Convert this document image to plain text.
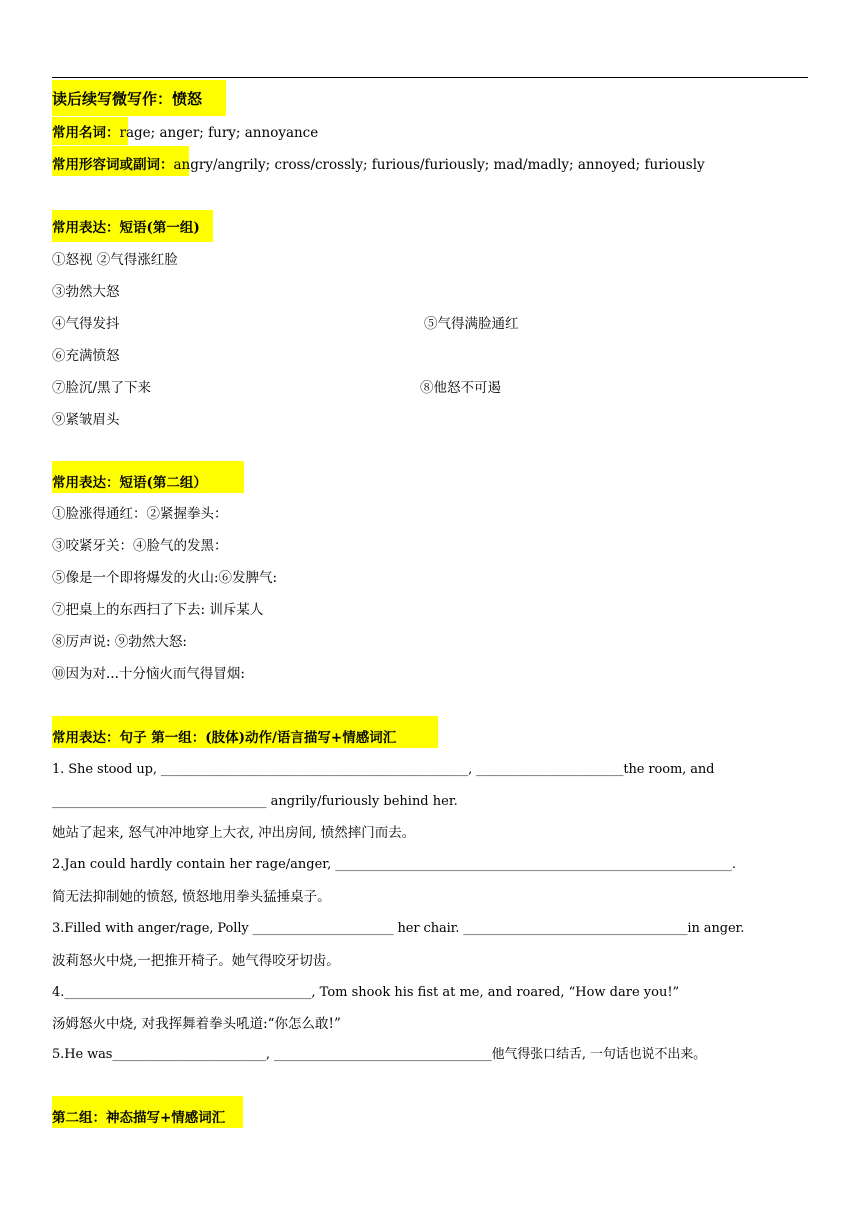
读后续写微写作：愤怒
常用名词：rage; anger; fury; annoyance
常用形容词或副词：angry/angrily; cross/crossly; furious/furiously; mad/madly; annoyed; furiously
常用表达：短语(第一组)
①怒视 ②气得涨红脸
③勃然大怒
④气得发抖	⑤气得满脸通红
⑥充满愤怒
⑦脸沉/黑了下来	⑧他怒不可遏
⑨紧皱眉头
常用表达：短语(第二组）
①脸涨得通红：②紧握拳头：
③咬紧牙关：④脸气的发黑：
⑤像是一个即将爆发的火山:⑥发脾气:
⑦把桌上的东西扫了下去: 训斥某人
⑧厉声说: ⑨勃然大怒:
⑩因为对...十分恼火而气得冒烟:
常用表达：句子 第一组：(肢体)动作/语言描写+情感词汇
1. She stood up, ________________________________________________, _______________________the room, and
_________________________________ angrily/furiously behind her.
她站了起来, 怒气冲冲地穿上大衣, 冲出房间, 愤然摔门而去。
2.Jan could hardly contain her rage/anger, _____________________________________________________________.
简无法抑制她的愤怒, 愤怒地用拳头猛捶桌子。
3.Filled with anger/rage, Polly ______________________ her chair. ___________________________________in anger.
波莉怒火中烧,一把推开椅子。她气得咬牙切齿。
4.______________________________________, Tom shook his fist at me, and roared, “How dare you!”
汤姆怒火中烧, 对我挥舞着拳头吼道:“你怎么敢!”
5.He was________________________, __________________________________他气得张口结舌, 一句话也说不出来。
第二组：神态描写+情感词汇
